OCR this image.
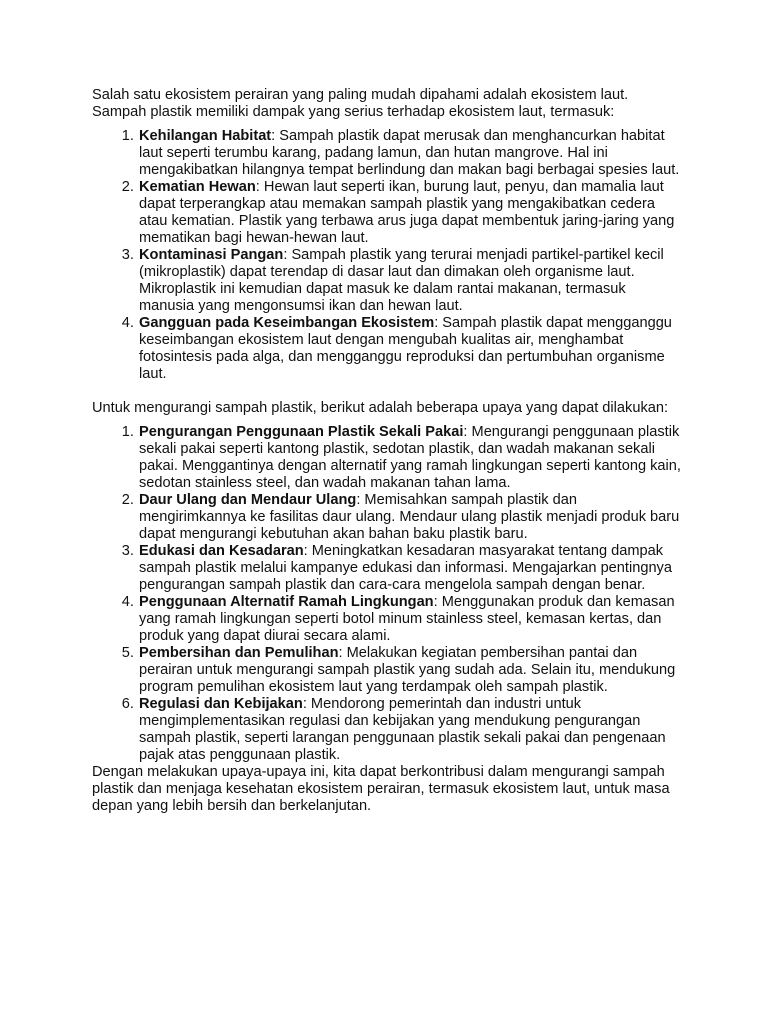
Salah satu ekosistem perairan yang paling mudah dipahami adalah ekosistem laut.
Sampah plastik memiliki dampak yang serius terhadap ekosistem laut, termasuk:

1. Kehilangan Habitat: Sampah plastik dapat merusak dan menghancurkan habitat laut seperti terumbu karang, padang lamun, dan hutan mangrove. Hal ini mengakibatkan hilangnya tempat berlindung dan makan bagi berbagai spesies laut.
2. Kematian Hewan: Hewan laut seperti ikan, burung laut, penyu, dan mamalia laut dapat terperangkap atau memakan sampah plastik yang mengakibatkan cedera atau kematian. Plastik yang terbawa arus juga dapat membentuk jaring-jaring yang mematikan bagi hewan-hewan laut.
3. Kontaminasi Pangan: Sampah plastik yang terurai menjadi partikel-partikel kecil (mikroplastik) dapat terendap di dasar laut dan dimakan oleh organisme laut. Mikroplastik ini kemudian dapat masuk ke dalam rantai makanan, termasuk manusia yang mengonsumsi ikan dan hewan laut.
4. Gangguan pada Keseimbangan Ekosistem: Sampah plastik dapat mengganggu keseimbangan ekosistem laut dengan mengubah kualitas air, menghambat fotosintesis pada alga, dan mengganggu reproduksi dan pertumbuhan organisme laut.

Untuk mengurangi sampah plastik, berikut adalah beberapa upaya yang dapat dilakukan:

1. Pengurangan Penggunaan Plastik Sekali Pakai: Mengurangi penggunaan plastik sekali pakai seperti kantong plastik, sedotan plastik, dan wadah makanan sekali pakai. Menggantinya dengan alternatif yang ramah lingkungan seperti kantong kain, sedotan stainless steel, dan wadah makanan tahan lama.
2. Daur Ulang dan Mendaur Ulang: Memisahkan sampah plastik dan mengirimkannya ke fasilitas daur ulang. Mendaur ulang plastik menjadi produk baru dapat mengurangi kebutuhan akan bahan baku plastik baru.
3. Edukasi dan Kesadaran: Meningkatkan kesadaran masyarakat tentang dampak sampah plastik melalui kampanye edukasi dan informasi. Mengajarkan pentingnya pengurangan sampah plastik dan cara-cara mengelola sampah dengan benar.
4. Penggunaan Alternatif Ramah Lingkungan: Menggunakan produk dan kemasan yang ramah lingkungan seperti botol minum stainless steel, kemasan kertas, dan produk yang dapat diurai secara alami.
5. Pembersihan dan Pemulihan: Melakukan kegiatan pembersihan pantai dan perairan untuk mengurangi sampah plastik yang sudah ada. Selain itu, mendukung program pemulihan ekosistem laut yang terdampak oleh sampah plastik.
6. Regulasi dan Kebijakan: Mendorong pemerintah dan industri untuk mengimplementasikan regulasi dan kebijakan yang mendukung pengurangan sampah plastik, seperti larangan penggunaan plastik sekali pakai dan pengenaan pajak atas penggunaan plastik.

Dengan melakukan upaya-upaya ini, kita dapat berkontribusi dalam mengurangi sampah plastik dan menjaga kesehatan ekosistem perairan, termasuk ekosistem laut, untuk masa depan yang lebih bersih dan berkelanjutan.
